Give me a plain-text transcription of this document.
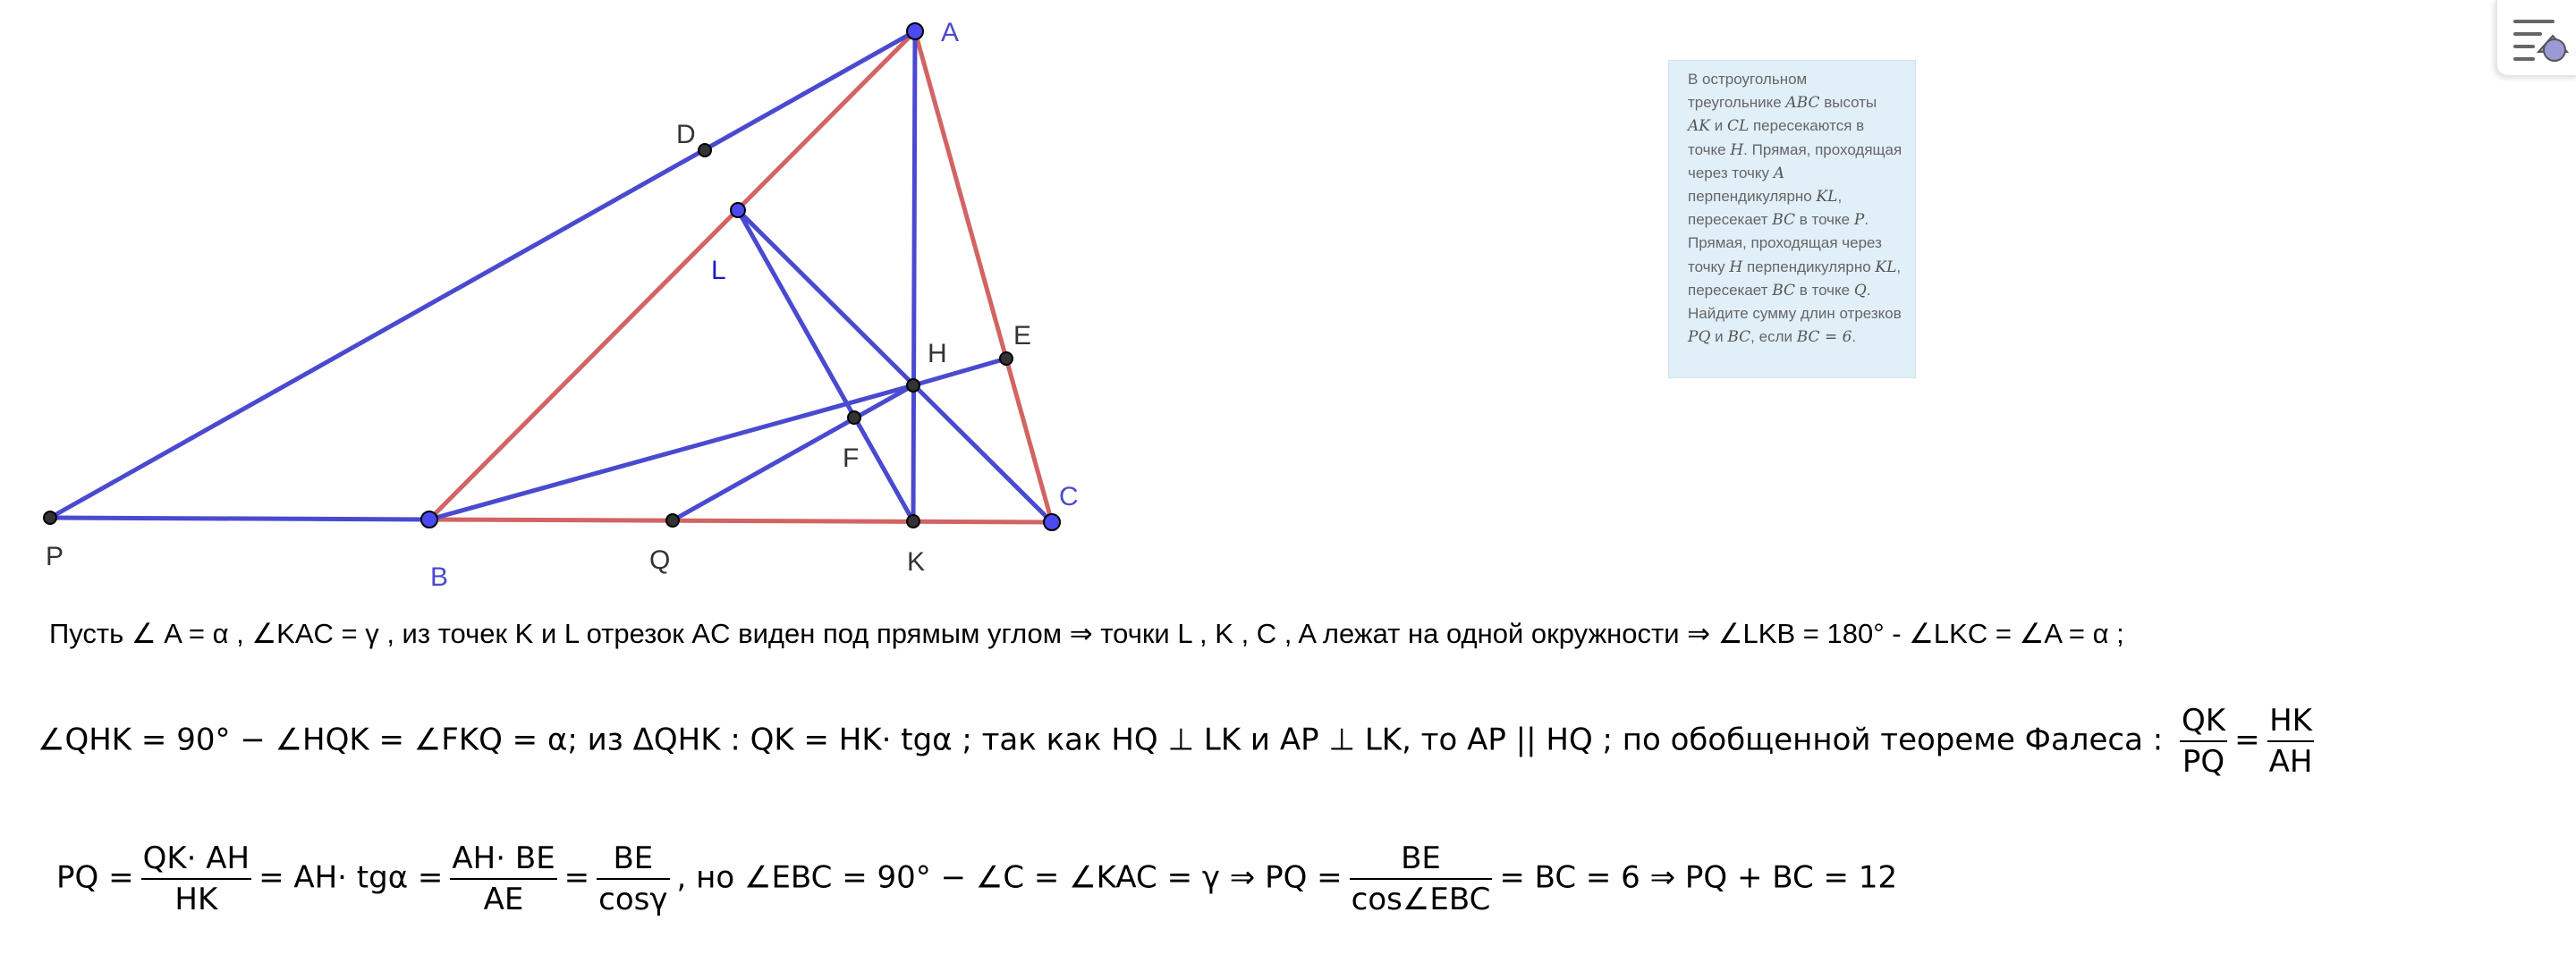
A
B
C
L
D
E
H
F
P	Q	K
В остроугольном треугольнике ABC высоты AK и CL пересекаются в точке H. Прямая, проходящая через точку A перпендикулярно KL, пересекает BC в точке P. Прямая, проходящая через точку H перпендикулярно KL, пересекает BC в точке Q. Найдите сумму длин отрезков PQ и BC, если BC = 6.
Пусть ∠ A = α , ∠KAC = γ , из точек K и L отрезок AC виден под прямым углом ⇒ точки L , K , C , A лежат на одной окружности ⇒ ∠LKB = 180° - ∠LKC = ∠A = α ;
∠QHK = 90° − ∠HQK = ∠FKQ = α; из ΔQHK : QK = HK· tgα ; так как HQ ⊥ LK и AP ⊥ LK, то AP || HQ ; по обобщенной теореме Фалеса : $\frac{QK}{PQ} = \frac{HK}{AH}$
PQ = $\frac{QK\cdot AH}{HK} = AH\cdot tg\alpha = \frac{AH\cdot BE}{AE} = \frac{BE}{\cos\gamma}$ , но ∠EBC = 90° − ∠C = ∠KAC = γ ⇒ PQ = $\frac{BE}{\text{cos∠EBC}}$ = BC = 6 ⇒ PQ + BC = 12
